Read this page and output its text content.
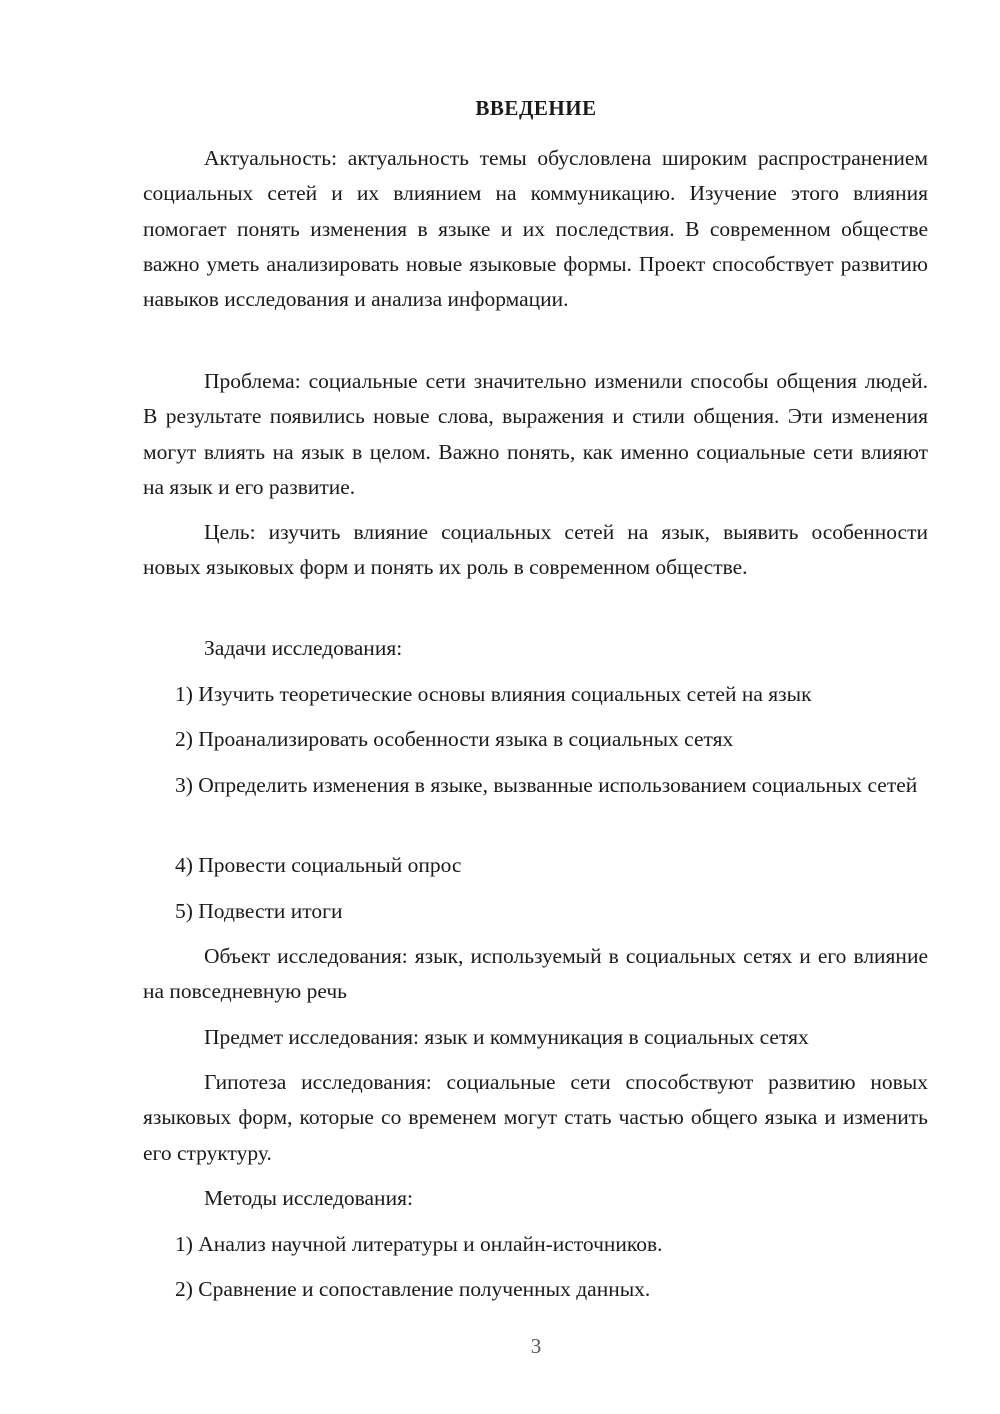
ВВЕДЕНИЕ

Актуальность: актуальность темы обусловлена широким распространением социальных сетей и их влиянием на коммуникацию. Изучение этого влияния помогает понять изменения в языке и их последствия. В современном обществе важно уметь анализировать новые языковые формы. Проект способствует развитию навыков исследования и анализа информации.

Проблема: социальные сети значительно изменили способы общения людей. В результате появились новые слова, выражения и стили общения. Эти изменения могут влиять на язык в целом. Важно понять, как именно социальные сети влияют на язык и его развитие.

Цель: изучить влияние социальных сетей на язык, выявить особенности новых языковых форм и понять их роль в современном обществе.

Задачи исследования:

1) Изучить теоретические основы влияния социальных сетей на язык

2) Проанализировать особенности языка в социальных сетях

3) Определить изменения в языке, вызванные использованием социальных сетей

4) Провести социальный опрос

5) Подвести итоги

Объект исследования: язык, используемый в социальных сетях и его влияние на повседневную речь

Предмет исследования: язык и коммуникация в социальных сетях

Гипотеза исследования: социальные сети способствуют развитию новых языковых форм, которые со временем могут стать частью общего языка и изменить его структуру.

Методы исследования:

1) Анализ научной литературы и онлайн-источников.

2) Сравнение и сопоставление полученных данных.

3
